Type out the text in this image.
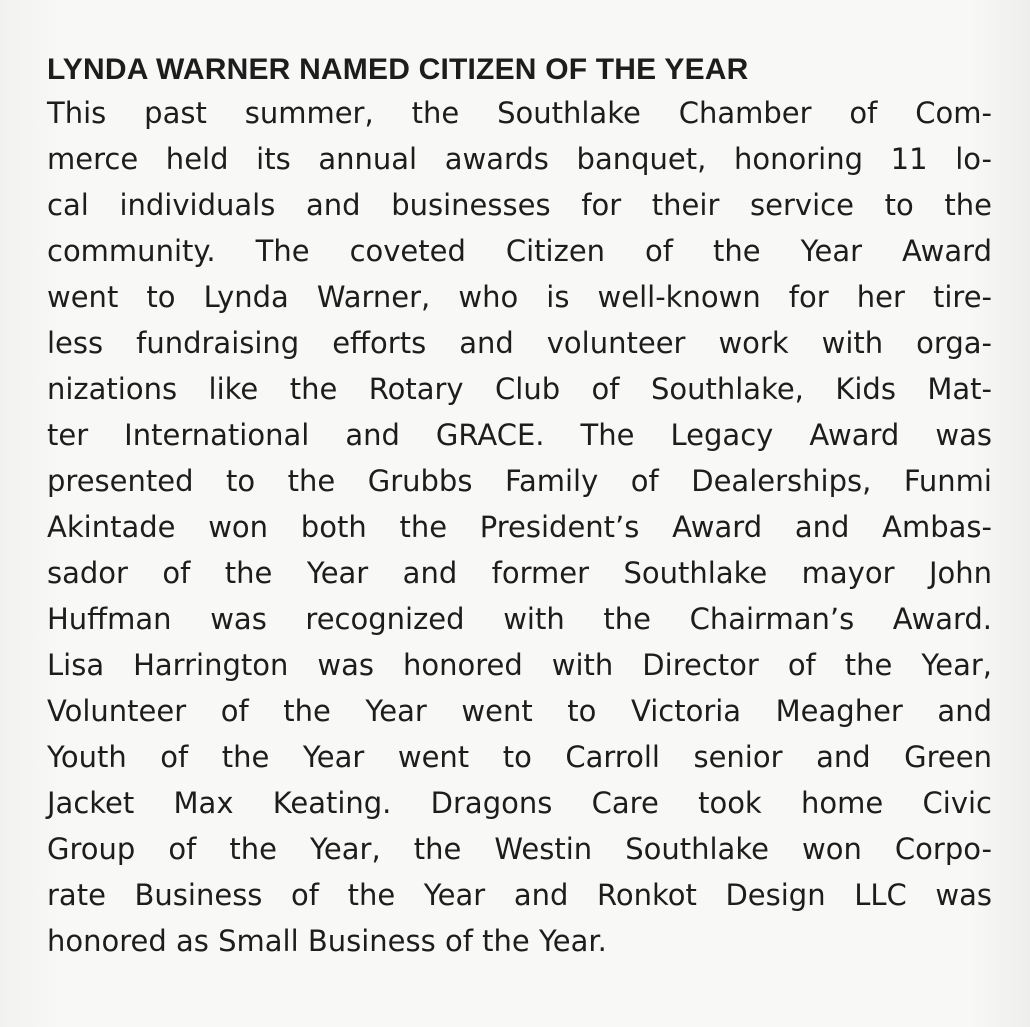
LYNDA WARNER NAMED CITIZEN OF THE YEAR
This past summer, the Southlake Chamber of Com-
merce held its annual awards banquet, honoring 11 lo-
cal individuals and businesses for their service to the
community. The coveted Citizen of the Year Award
went to Lynda Warner, who is well-known for her tire-
less fundraising efforts and volunteer work with orga-
nizations like the Rotary Club of Southlake, Kids Mat-
ter International and GRACE. The Legacy Award was
presented to the Grubbs Family of Dealerships, Funmi
Akintade won both the President’s Award and Ambas-
sador of the Year and former Southlake mayor John
Huffman was recognized with the Chairman’s Award.
Lisa Harrington was honored with Director of the Year,
Volunteer of the Year went to Victoria Meagher and
Youth of the Year went to Carroll senior and Green
Jacket Max Keating. Dragons Care took home Civic
Group of the Year, the Westin Southlake won Corpo-
rate Business of the Year and Ronkot Design LLC was
honored as Small Business of the Year.
